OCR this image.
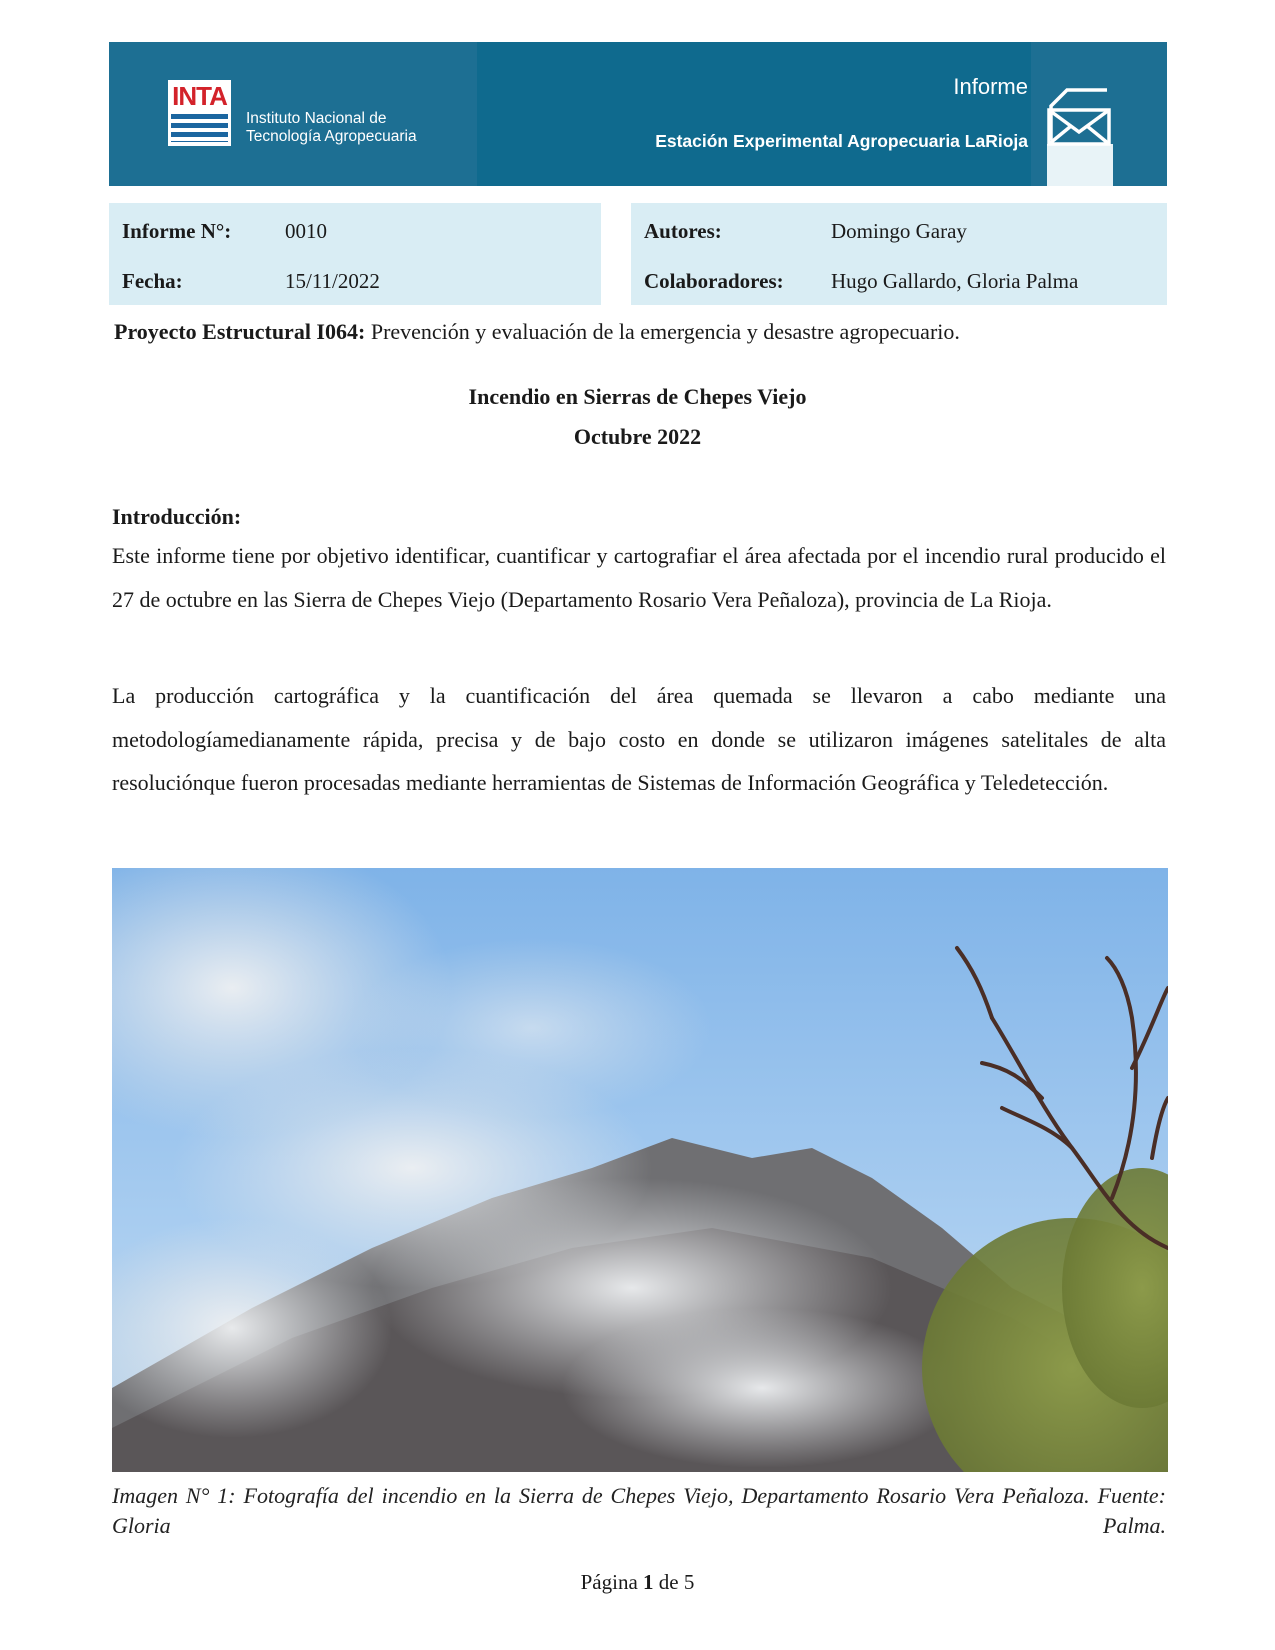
INTA
Instituto Nacional de
Tecnología Agropecuaria
Informe
Estación Experimental Agropecuaria LaRioja
Informe N°:	0010
Fecha:	15/11/2022
Autores:	Domingo Garay
Colaboradores: Hugo Gallardo, Gloria Palma
Proyecto Estructural I064: Prevención y evaluación de la emergencia y desastre agropecuario.
Incendio en Sierras de Chepes Viejo
Octubre 2022
Introducción:

Este informe tiene por objetivo identificar, cuantificar y cartografiar el área afectada por el incendio rural producido el 27 de octubre en las Sierra de Chepes Viejo (Departamento Rosario Vera Peñaloza), provincia de La Rioja.

La producción cartográfica y la cuantificación del área quemada se llevaron a cabo mediante una metodologíamedianamente rápida, precisa y de bajo costo en donde se utilizaron imágenes satelitales de alta resoluciónque fueron procesadas mediante herramientas de Sistemas de Información Geográfica y Teledetección.

Imagen N° 1: Fotografía del incendio en la Sierra de Chepes Viejo, Departamento Rosario Vera Peñaloza. Fuente: Gloria Palma.
Página 1 de 5
